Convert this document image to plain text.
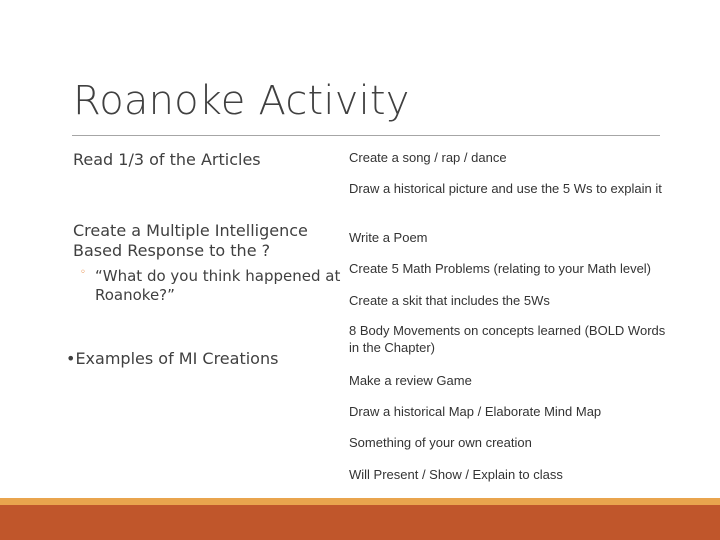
Roanoke Activity
Read 1/3 of the Articles
Create a Multiple Intelligence Based Response to the ?
◦ “What do you think happened at Roanoke?”
•Examples of MI Creations
Create a song / rap / dance
Draw a historical picture and use the 5 Ws to explain it
Write a Poem
Create 5 Math Problems (relating to your Math level)
Create a skit that includes the 5Ws
8 Body Movements on concepts learned (BOLD Words in the Chapter)
Make a review Game
Draw a historical Map / Elaborate Mind Map
Something of your own creation
Will Present / Show / Explain to class
